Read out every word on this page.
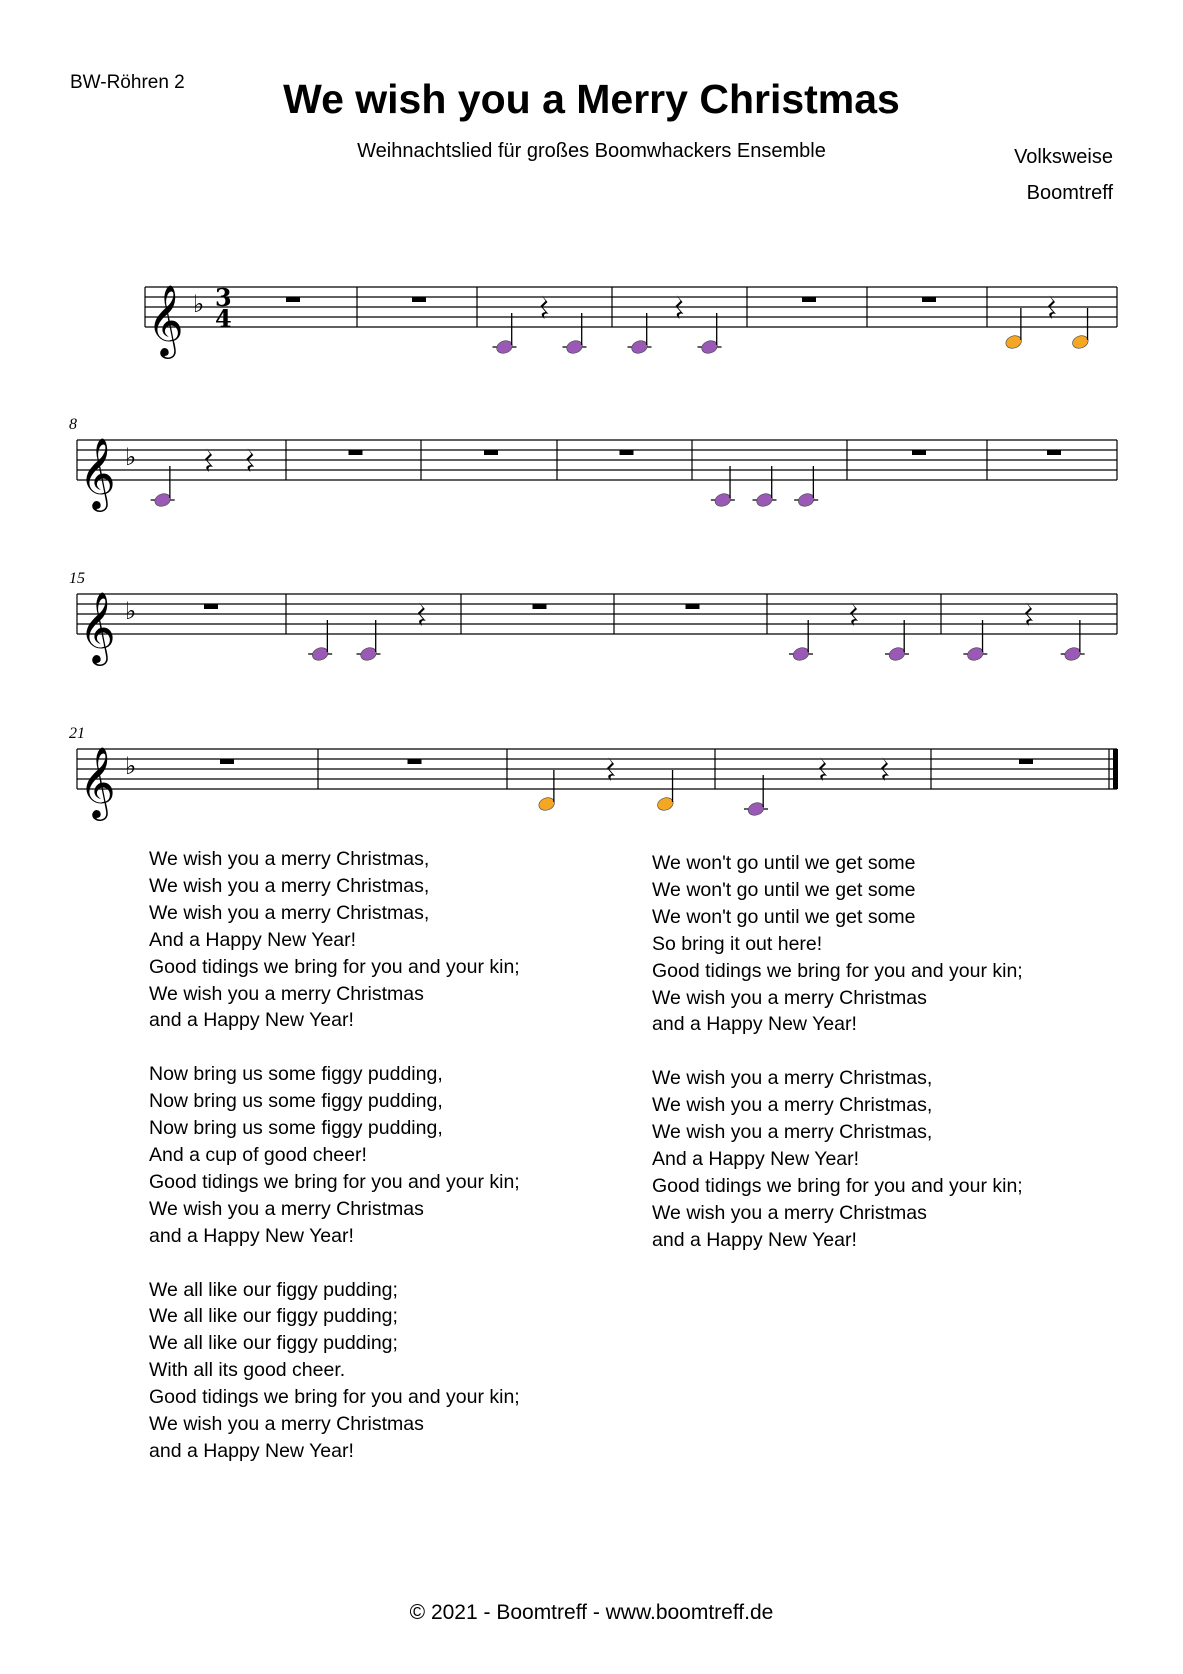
BW-Röhren 2	We wish you a Merry Christmas
Weihnachtslied für großes Boomwhackers Ensemble	Volksweise
Boomtreff
𝄞 ♭ 3
4
𝄞 ♭
8
𝄞 ♭
15
𝄞 ♭
21
We wish you a merry Christmas,
We wish you a merry Christmas,
We wish you a merry Christmas,
And a Happy New Year!
Good tidings we bring for you and your kin;
We wish you a merry Christmas
and a Happy New Year!

Now bring us some figgy pudding,
Now bring us some figgy pudding,
Now bring us some figgy pudding,
And a cup of good cheer!
Good tidings we bring for you and your kin;
We wish you a merry Christmas
and a Happy New Year!

We all like our figgy pudding;
We all like our figgy pudding;
We all like our figgy pudding;
With all its good cheer.
Good tidings we bring for you and your kin;
We wish you a merry Christmas
and a Happy New Year!
We won't go until we get some
We won't go until we get some
We won't go until we get some
So bring it out here!
Good tidings we bring for you and your kin;
We wish you a merry Christmas
and a Happy New Year!

We wish you a merry Christmas,
We wish you a merry Christmas,
We wish you a merry Christmas,
And a Happy New Year!
Good tidings we bring for you and your kin;
We wish you a merry Christmas
and a Happy New Year!
© 2021 - Boomtreff - www.boomtreff.de
